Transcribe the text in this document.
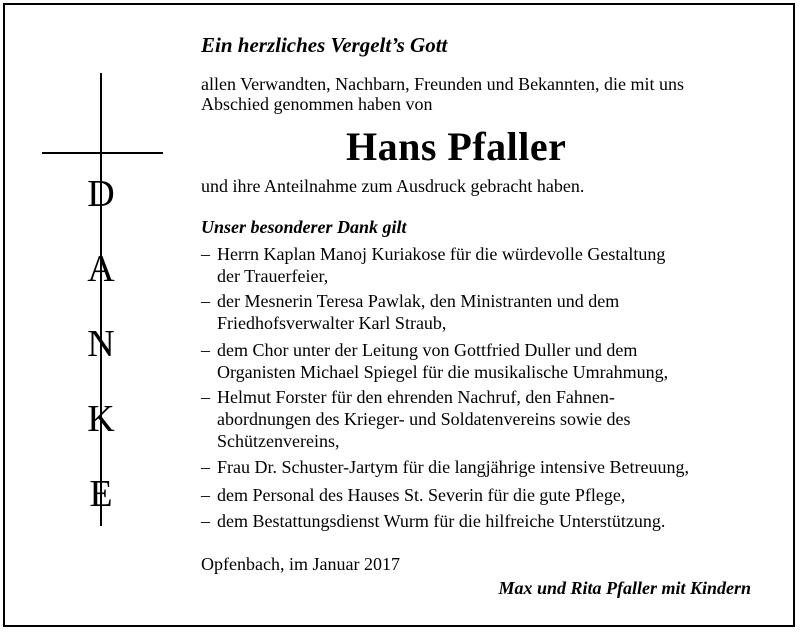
D
A
N
K
E
Ein herzliches Vergelt’s Gott
allen Verwandten, Nachbarn, Freunden und Bekannten, die mit uns
Abschied genommen haben von
Hans Pfaller
und ihre Anteilnahme zum Ausdruck gebracht haben.
Unser besonderer Dank gilt
– Herrn Kaplan Manoj Kuriakose für die würdevolle Gestaltung
der Trauerfeier,
– der Mesnerin Teresa Pawlak, den Ministranten und dem
Friedhofsverwalter Karl Straub,
– dem Chor unter der Leitung von Gottfried Duller und dem
Organisten Michael Spiegel für die musikalische Umrahmung,
– Helmut Forster für den ehrenden Nachruf, den Fahnen-
abordnungen des Krieger- und Soldatenvereins sowie des
Schützenvereins,
– Frau Dr. Schuster-Jartym für die langjährige intensive Betreuung,
– dem Personal des Hauses St. Severin für die gute Pflege,
– dem Bestattungsdienst Wurm für die hilfreiche Unterstützung.
Opfenbach, im Januar 2017
Max und Rita Pfaller mit Kindern
